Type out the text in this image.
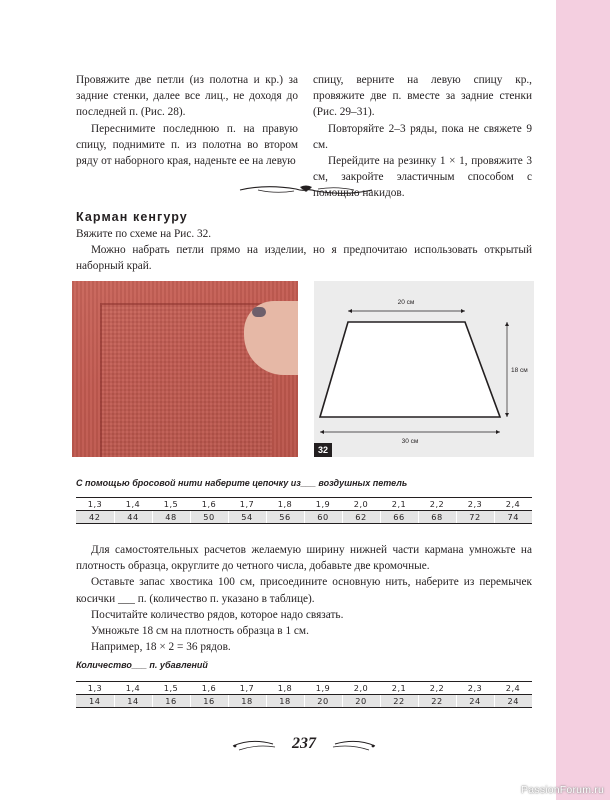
Провяжите две петли (из полотна и кр.) за задние стенки, далее все лиц., не доходя до последней п. (Рис. 28).

Переснимите последнюю п. на правую спицу, поднимите п. из полотна во втором ряду от наборного края, наденьте ее на левую

спицу, верните на левую спицу кр., провяжите две п. вместе за задние стенки (Рис. 29–31).

Повторяйте 2–3 ряды, пока не свяжете 9 см.

Перейдите на резинку 1 × 1, провяжите 3 см, закройте эластичным способом с помощью накидов.

Карман кенгуру

Вяжите по схеме на Рис. 32.

Можно набрать петли прямо на изделии, но я предпочитаю использовать открытый наборный край.

20 см
18 см
30 см
32
С помощью бросовой нити наберите цепочку из___ воздушных петель
1,3	1,4	1,5	1,6	1,7	1,8	1,9	2,0	2,1	2,2	2,3	2,4
42	44	48	50	54	56	60	62	66	68	72	74

Для самостоятельных расчетов желаемую ширину нижней части кармана умножьте на плотность образца, округлите до четного числа, добавьте две кромочные.

Оставьте запас хвостика 100 см, присоедините основную нить, наберите из перемычек косички ___ п. (количество п. указано в таблице).

Посчитайте количество рядов, которое надо связать.

Умножьте 18 см на плотность образца в 1 см.

Например, 18 × 2 = 36 рядов.

Количество___ п. убавлений
1,3	1,4	1,5	1,6	1,7	1,8	1,9	2,0	2,1	2,2	2,3	2,4
14	14	16	16	18	18	20	20	22	22	24	24
237
PassionForum.ru
